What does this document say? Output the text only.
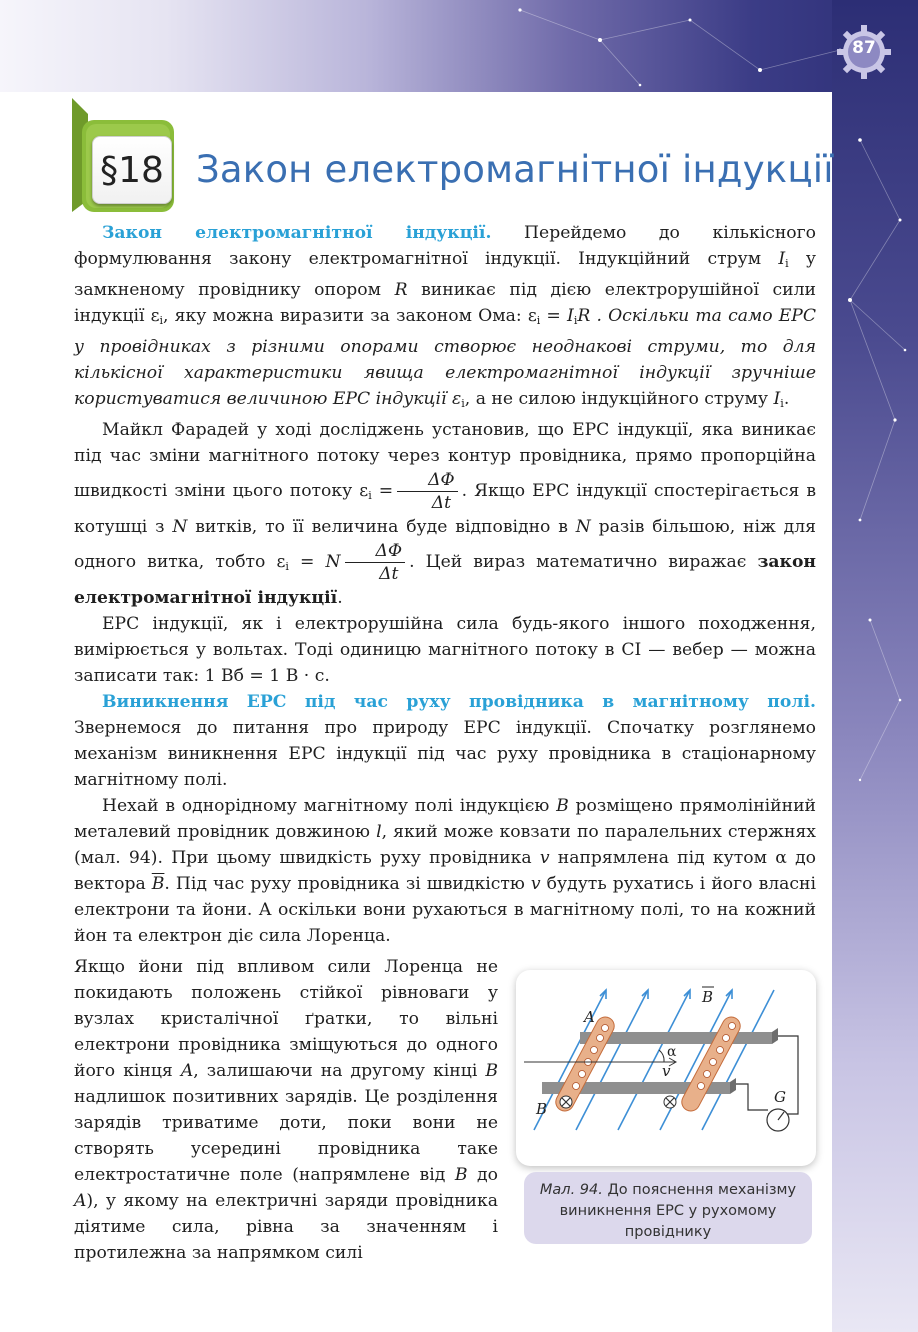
87
§18 Закон електромагнітної індукції

Закон електромагнітної індукції. Перейдемо до кількісного формулювання закону електромагнітної індукції. Індукційний струм $I_i$ у замкненому провіднику опором R виникає під дією електрорушійної сили індукції $\varepsilon_i$, яку можна виразити за законом Ома: $\varepsilon_i = I_iR$ . Оскільки та само ЕРС у провідниках з різними опорами створює неоднакові струми, то для кількісної характеристики явища електромагнітної індукції зручніше користуватися величиною ЕРС індукції $\varepsilon_i$, а не силою індукційного струму $I_i$.

Майкл Фарадей у ході досліджень установив, що ЕРС індукції, яка виникає під час зміни магнітного потоку через контур провідника, прямо пропорційна швидкості зміни цього потоку $\varepsilon_i = \frac{\Delta\Phi}{\Delta t}$ . Якщо ЕРС індукції спостерігається в котушці з N витків, то її величина буде відповідно в N разів більшою, ніж для одного витка, тобто $\varepsilon_i = N \frac{\Delta\Phi}{\Delta t}$ . Цей вираз математично виражає закон електромагнітної індукції.

ЕРС індукції, як і електрорушійна сила будь-якого іншого походження, вимірюється у вольтах. Тоді одиницю магнітного потоку в СІ — вебер — можна записати так: 1 Вб = 1 В · с.

Виникнення ЕРС під час руху провідника в магнітному полі. Звернемося до питання про природу ЕРС індукції. Спочатку розглянемо механізм виникнення ЕРС індукції під час руху провідника в стаціонарному магнітному полі.

Нехай в однорідному магнітному полі індукцією B розміщено прямолінійний металевий провідник довжиною l, який може ковзати по паралельних стержнях (мал. 94). При цьому швидкість руху провідника v напрямлена під кутом α до вектора $\overline{B}$. Під час руху провідника зі швидкістю v будуть рухатись і його власні електрони та йони. А оскільки вони рухаються в магнітному полі, то на кожний йон та електрон діє сила Лоренца.

Якщо йони під впливом сили Лоренца не покидають положень стійкої рівноваги у вузлах кристалічної ґратки, то вільні електрони провідника зміщуються до одного його кінця A, залишаючи на другому кінці B надлишок позитивних зарядів. Це розділення зарядів триватиме доти, поки вони не створять усередині провідника таке електростатичне поле (напрямлене від B до A), у якому на електричні заряди провідника діятиме сила, рівна за значенням і протилежна за напрямком силі
A
B
B
α
v
G
Мал. 94. До пояснення механізму виникнення ЕРС у рухомому провіднику
